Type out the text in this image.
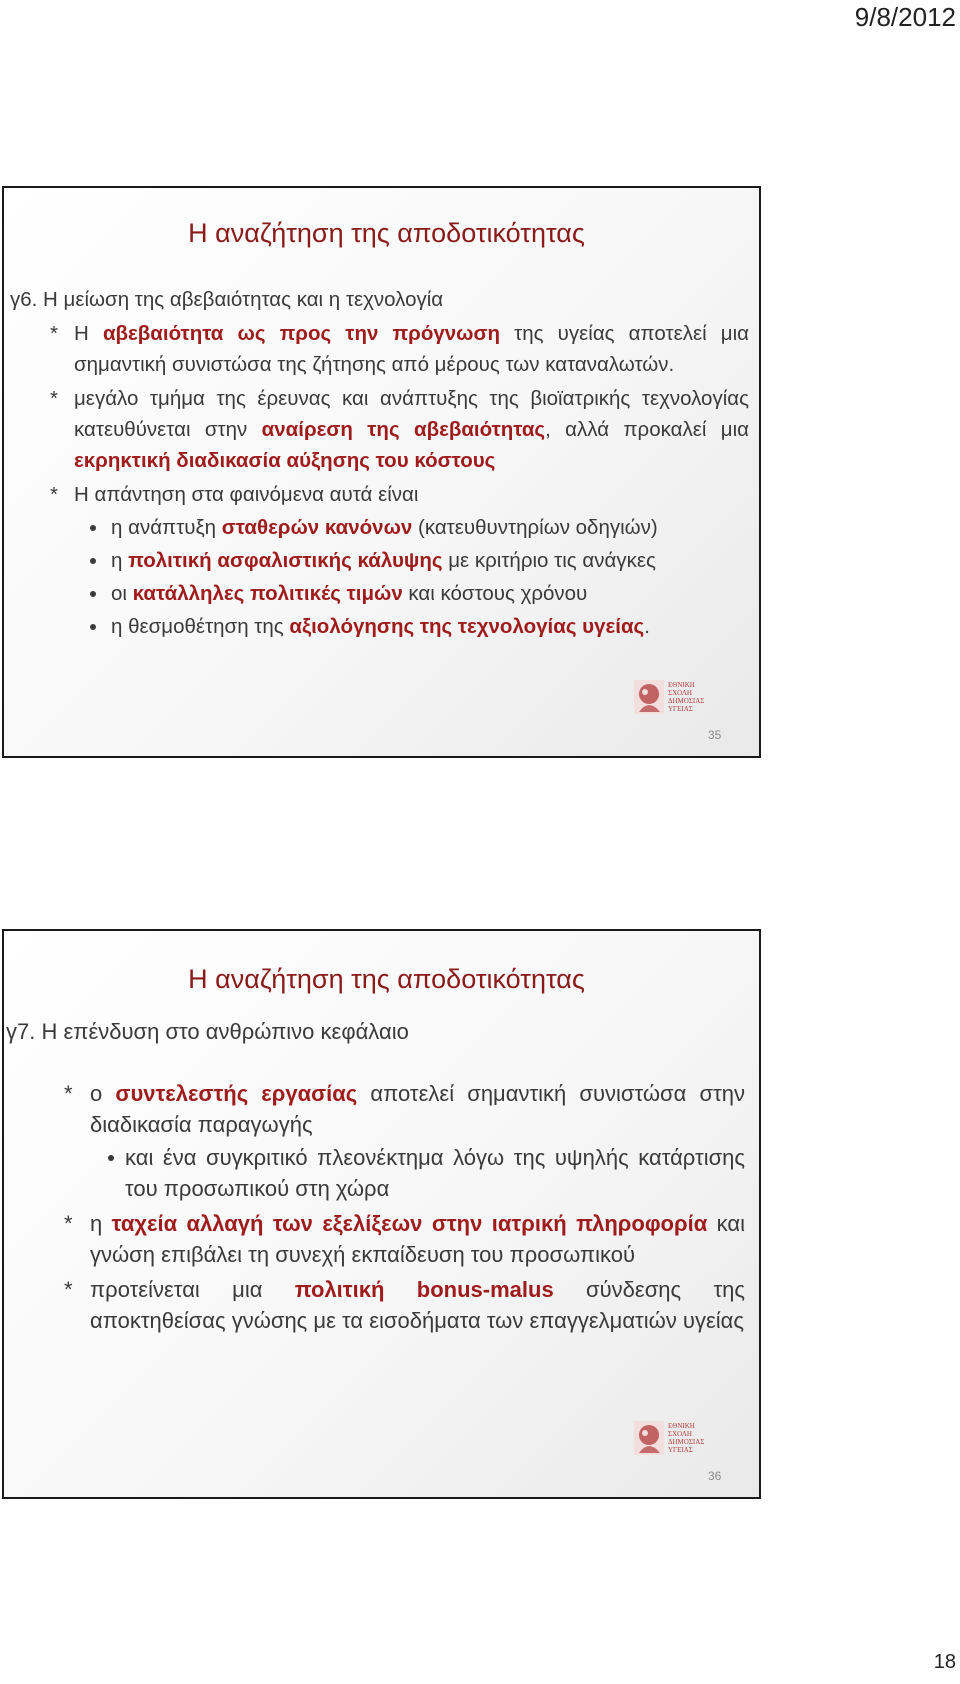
9/8/2012
Η αναζήτηση της αποδοτικότητας

γ6. Η μείωση της αβεβαιότητας και η τεχνολογία

* Η αβεβαιότητα ως προς την πρόγνωση της υγείας αποτελεί μια σημαντική συνιστώσα της ζήτησης από μέρους των καταναλωτών.

* μεγάλο τμήμα της έρευνας και ανάπτυξης της βιοϊατρικής τεχνολογίας κατευθύνεται στην αναίρεση της αβεβαιότητας, αλλά προκαλεί μια εκρηκτική διαδικασία αύξησης του κόστους

* Η απάντηση στα φαινόμενα αυτά είναι

η ανάπτυξη σταθερών κανόνων (κατευθυντηρίων οδηγιών)

η πολιτική ασφαλιστικής κάλυψης με κριτήριο τις ανάγκες

οι κατάλληλες πολιτικές τιμών και κόστους χρόνου

η θεσμοθέτηση της αξιολόγησης της τεχνολογίας υγείας.

ΕΘΝΙΚΗ
ΣΧΟΛΗ
ΔΗΜΟΣΙΑΣ
ΥΓΕΙΑΣ
35
Η αναζήτηση της αποδοτικότητας

γ7. Η επένδυση στο ανθρώπινο κεφάλαιο

* ο συντελεστής εργασίας αποτελεί σημαντική συνιστώσα στην διαδικασία παραγωγής

και ένα συγκριτικό πλεονέκτημα λόγω της υψηλής κατάρτισης του προσωπικού στη χώρα

* η ταχεία αλλαγή των εξελίξεων στην ιατρική πληροφορία και γνώση επιβάλει τη συνεχή εκπαίδευση του προσωπικού

* προτείνεται μια πολιτική bonus-malus σύνδεσης της αποκτηθείσας γνώσης με τα εισοδήματα των επαγγελματιών υγείας

ΕΘΝΙΚΗ
ΣΧΟΛΗ
ΔΗΜΟΣΙΑΣ
ΥΓΕΙΑΣ
36
18
